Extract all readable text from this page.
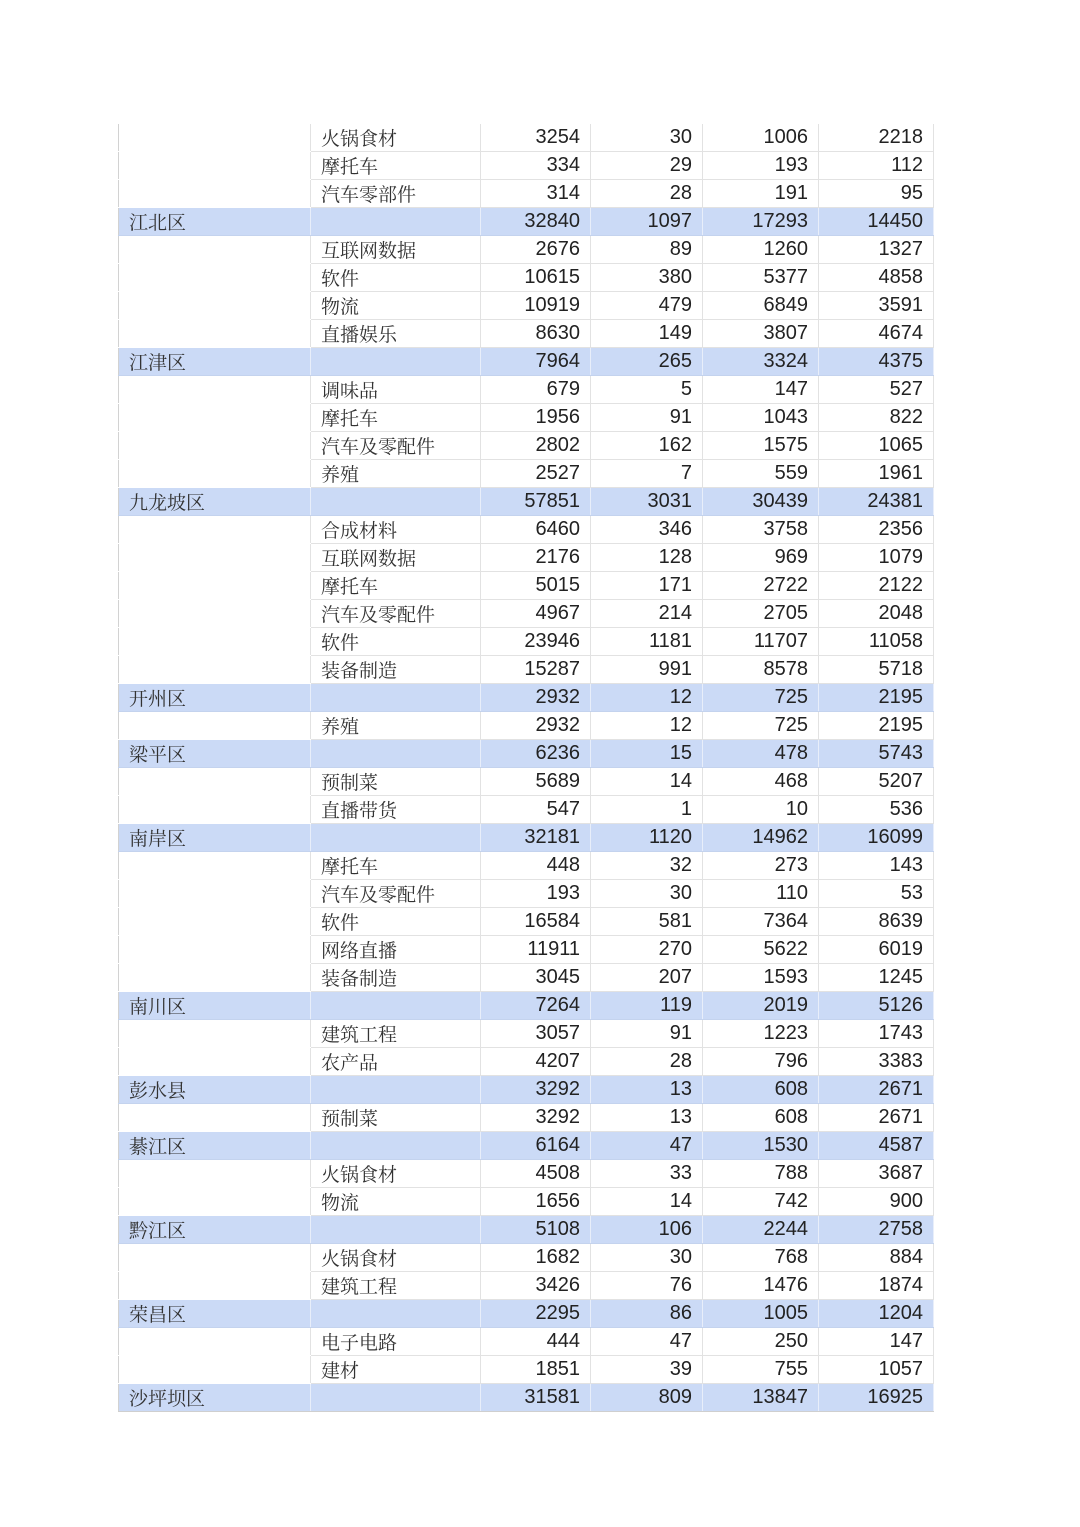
	火锅食材	3254	30	1006	2218
	摩托车	334	29	193	112
	汽车零部件	314	28	191	95
江北区		32840	1097	17293	14450
	互联网数据	2676	89	1260	1327
	软件	10615	380	5377	4858
	物流	10919	479	6849	3591
	直播娱乐	8630	149	3807	4674
江津区		7964	265	3324	4375
	调味品	679	5	147	527
	摩托车	1956	91	1043	822
	汽车及零配件	2802	162	1575	1065
	养殖	2527	7	559	1961
九龙坡区		57851	3031	30439	24381
	合成材料	6460	346	3758	2356
	互联网数据	2176	128	969	1079
	摩托车	5015	171	2722	2122
	汽车及零配件	4967	214	2705	2048
	软件	23946	1181	11707	11058
	装备制造	15287	991	8578	5718
开州区		2932	12	725	2195
	养殖	2932	12	725	2195
梁平区		6236	15	478	5743
	预制菜	5689	14	468	5207
	直播带货	547	1	10	536
南岸区		32181	1120	14962	16099
	摩托车	448	32	273	143
	汽车及零配件	193	30	110	53
	软件	16584	581	7364	8639
	网络直播	11911	270	5622	6019
	装备制造	3045	207	1593	1245
南川区		7264	119	2019	5126
	建筑工程	3057	91	1223	1743
	农产品	4207	28	796	3383
彭水县		3292	13	608	2671
	预制菜	3292	13	608	2671
綦江区		6164	47	1530	4587
	火锅食材	4508	33	788	3687
	物流	1656	14	742	900
黔江区		5108	106	2244	2758
	火锅食材	1682	30	768	884
	建筑工程	3426	76	1476	1874
荣昌区		2295	86	1005	1204
	电子电路	444	47	250	147
	建材	1851	39	755	1057
沙坪坝区		31581	809	13847	16925
